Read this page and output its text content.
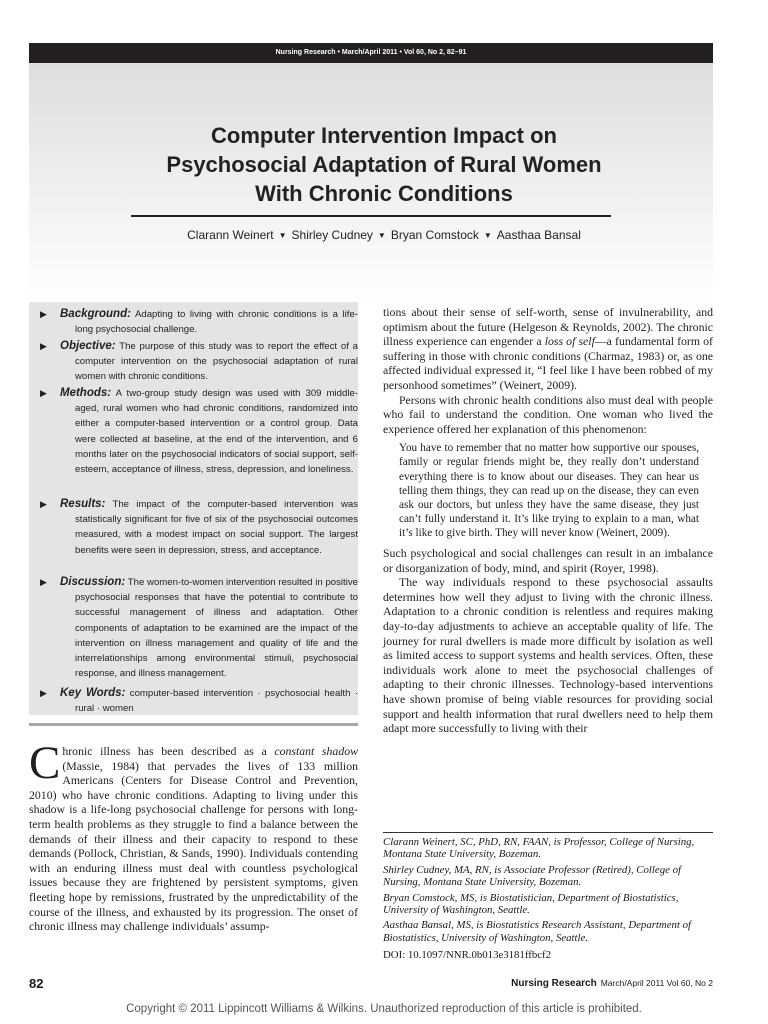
Nursing Research • March/April 2011 • Vol 60, No 2, 82–91
Computer Intervention Impact on
Psychosocial Adaptation of Rural Women
With Chronic Conditions
Clarann Weinert ▼ Shirley Cudney ▼ Bryan Comstock ▼ Aasthaa Bansal
▶	Background: Adapting to living with chronic conditions is a life-long psychosocial challenge.
▶	Objective: The purpose of this study was to report the effect of a computer intervention on the psychosocial adaptation of rural women with chronic conditions.
▶	Methods: A two-group study design was used with 309 middle-aged, rural women who had chronic conditions, randomized into either a computer-based intervention or a control group. Data were collected at baseline, at the end of the intervention, and 6 months later on the psychosocial indicators of social support, self-esteem, acceptance of illness, stress, depression, and loneliness.
▶	Results: The impact of the computer-based intervention was statistically significant for five of six of the psychosocial outcomes measured, with a modest impact on social support. The largest benefits were seen in depression, stress, and acceptance.
▶	Discussion: The women-to-women intervention resulted in positive psychosocial responses that have the potential to contribute to successful management of illness and adaptation. Other components of adaptation to be examined are the impact of the intervention on illness management and quality of life and the interrelationships among environmental stimuli, psychosocial response, and illness management.
▶	Key Words: computer-based intervention · psychosocial health · rural · women

Chronic illness has been described as a constant shadow (Massie, 1984) that pervades the lives of 133 million Americans (Centers for Disease Control and Prevention, 2010) who have chronic conditions. Adapting to living under this shadow is a life-long psychosocial challenge for persons with long-term health problems as they struggle to find a balance between the demands of their illness and their capacity to respond to these demands (Pollock, Christian, & Sands, 1990). Individuals contending with an enduring illness must deal with countless psychological issues because they are frightened by persistent symptoms, given fleeting hope by remissions, frustrated by the unpredictability of the course of the illness, and exhausted by its progression. The onset of chronic illness may challenge individuals’ assump-

tions about their sense of self-worth, sense of invulnerability, and optimism about the future (Helgeson & Reynolds, 2002). The chronic illness experience can engender a loss of self—a fundamental form of suffering in those with chronic conditions (Charmaz, 1983) or, as one affected individual expressed it, “I feel like I have been robbed of my personhood sometimes” (Weinert, 2009).

Persons with chronic health conditions also must deal with people who fail to understand the condition. One woman who lived the experience offered her explanation of this phenomenon:

You have to remember that no matter how supportive our spouses, family or regular friends might be, they really don’t understand everything there is to know about our diseases. They can hear us telling them things, they can read up on the disease, they can even ask our doctors, but unless they have the same disease, they just can’t fully understand it. It’s like trying to explain to a man, what it’s like to give birth. They will never know (Weinert, 2009).

Such psychological and social challenges can result in an imbalance or disorganization of body, mind, and spirit (Royer, 1998).

The way individuals respond to these psychosocial assaults determines how well they adjust to living with the chronic illness. Adaptation to a chronic condition is relentless and requires making day-to-day adjustments to achieve an acceptable quality of life. The journey for rural dwellers is made more difficult by isolation as well as limited access to support systems and health services. Often, these individuals work alone to meet the psychosocial challenges of adapting to their chronic illnesses. Technology-based interventions have shown promise of being viable resources for providing social support and health information that rural dwellers need to help them adapt more successfully to living with their

Clarann Weinert, SC, PhD, RN, FAAN, is Professor, College of Nursing, Montana State University, Bozeman.

Shirley Cudney, MA, RN, is Associate Professor (Retired), College of Nursing, Montana State University, Bozeman.

Bryan Comstock, MS, is Biostatistician, Department of Biostatistics, University of Washington, Seattle.

Aasthaa Bansal, MS, is Biostatistics Research Assistant, Department of Biostatistics, University of Washington, Seattle.

DOI: 10.1097/NNR.0b013e3181ffbcf2

82	Nursing Research March/April 2011 Vol 60, No 2
Copyright © 2011 Lippincott Williams & Wilkins. Unauthorized reproduction of this article is prohibited.
